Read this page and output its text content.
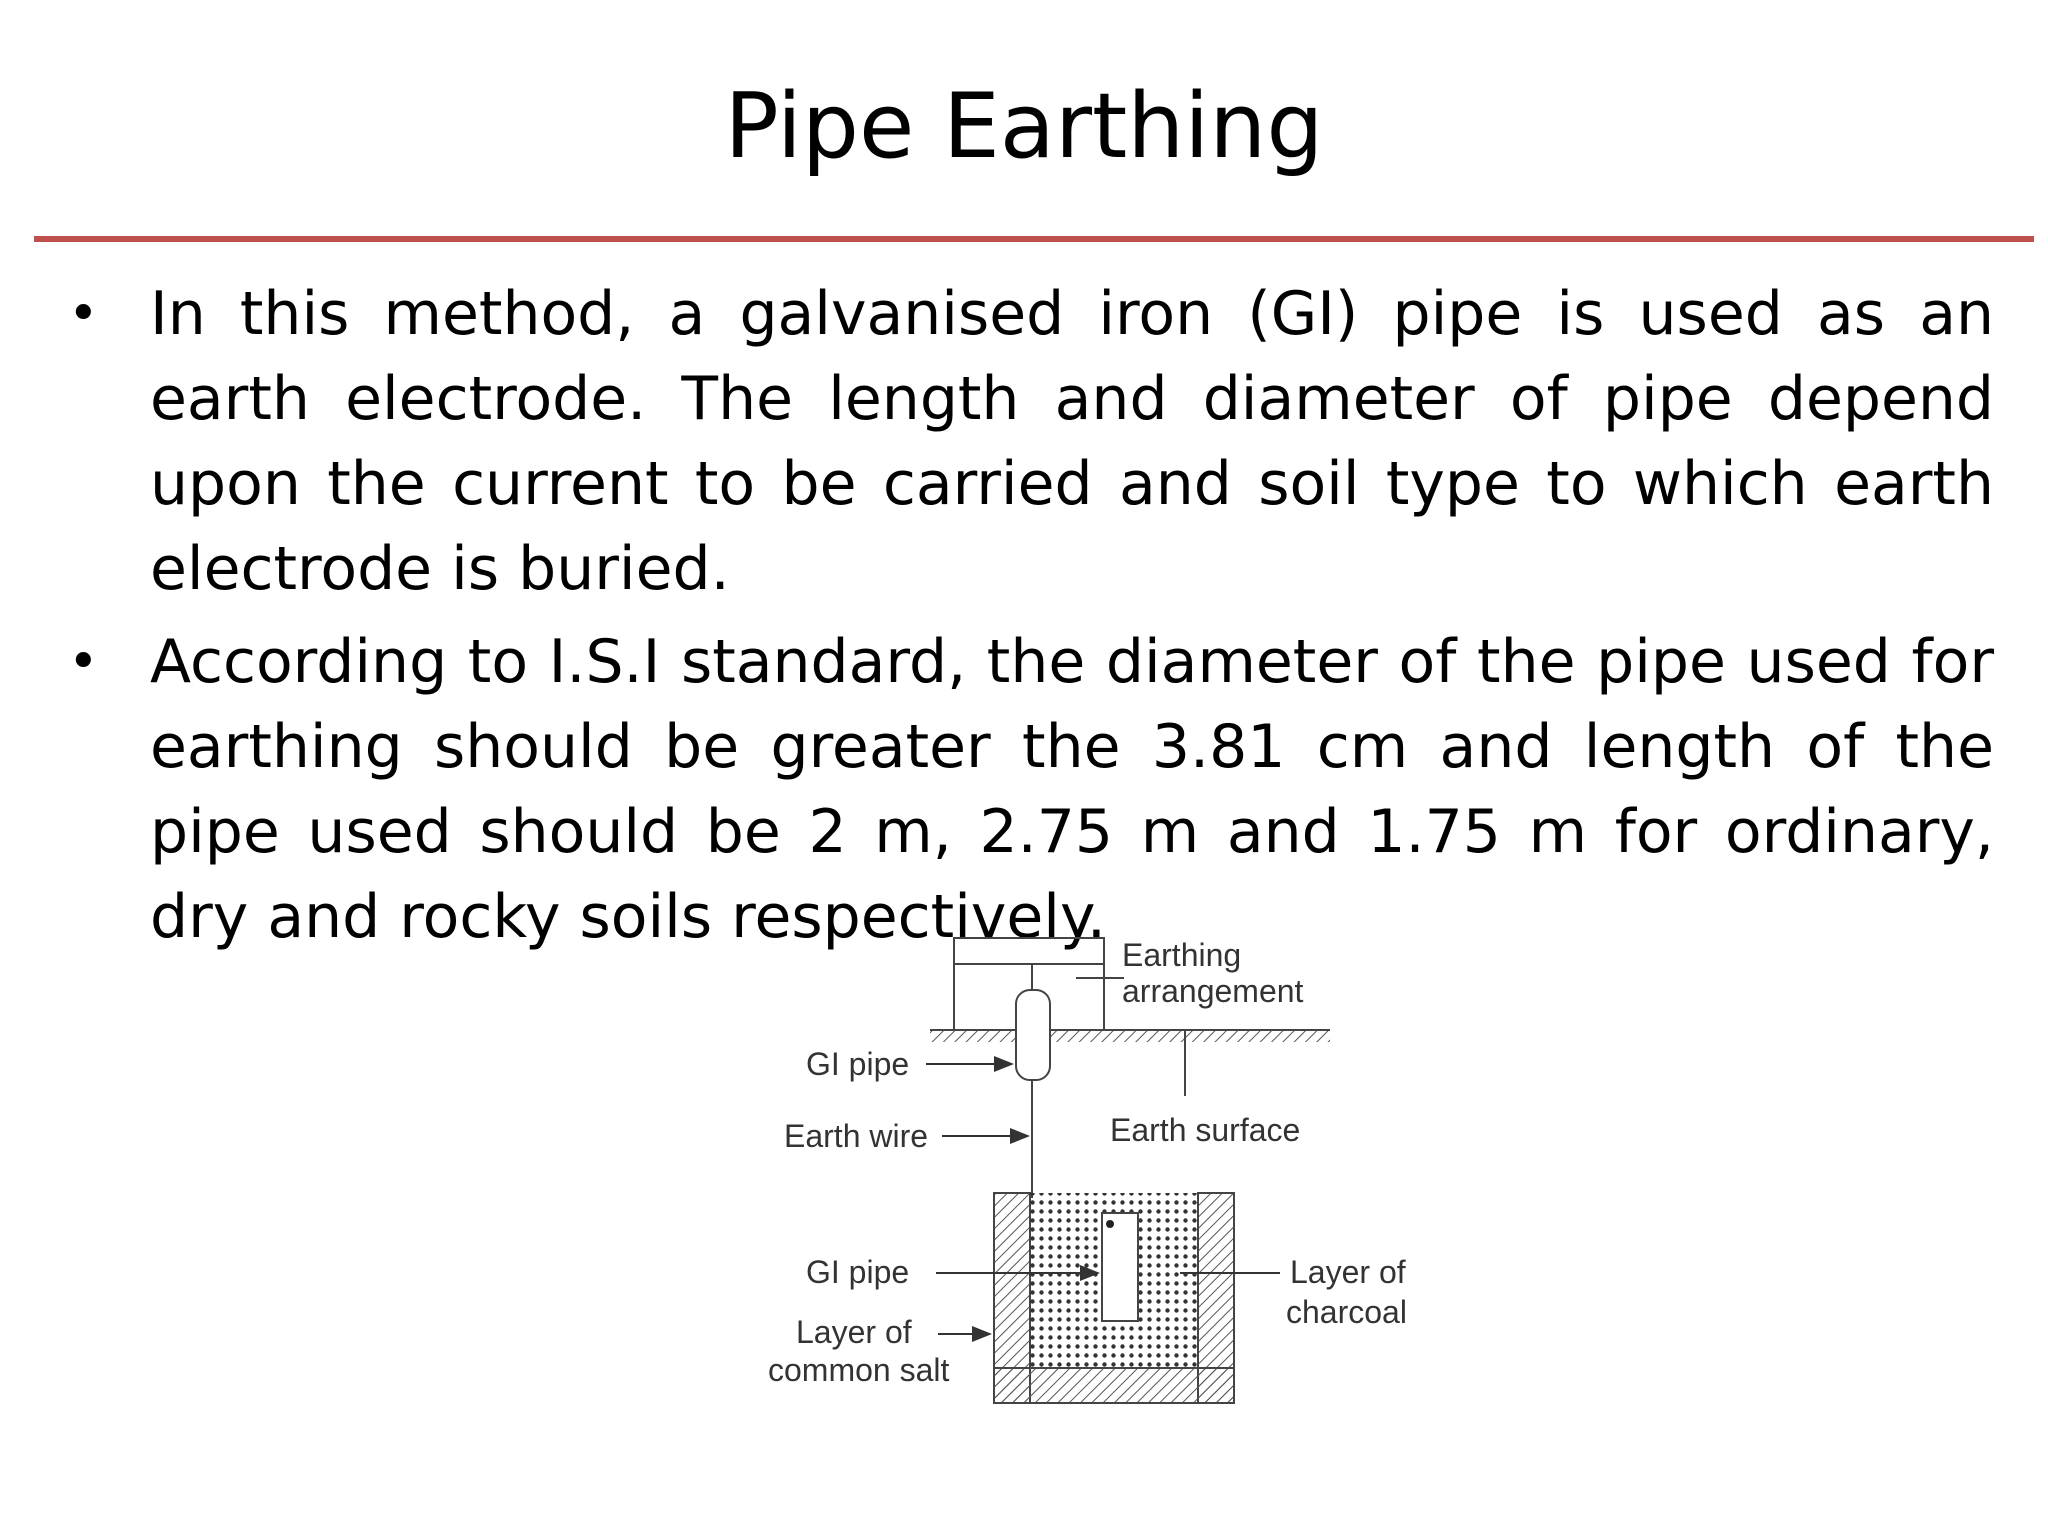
Pipe Earthing
• In this method, a galvanised iron (GI) pipe is used as an earth electrode. The length and diameter of pipe depend upon the current to be carried and soil type to which earth electrode is buried.
• According to I.S.I standard, the diameter of the pipe used for earthing should be greater the 3.81 cm and length of the pipe used should be 2 m, 2.75 m and 1.75 m for ordinary, dry and rocky soils respectively.
Earthing
arrangement
GI pipe
Earth wire	Earth surface
GI pipe	Layer of
charcoal
Layer of
common salt
